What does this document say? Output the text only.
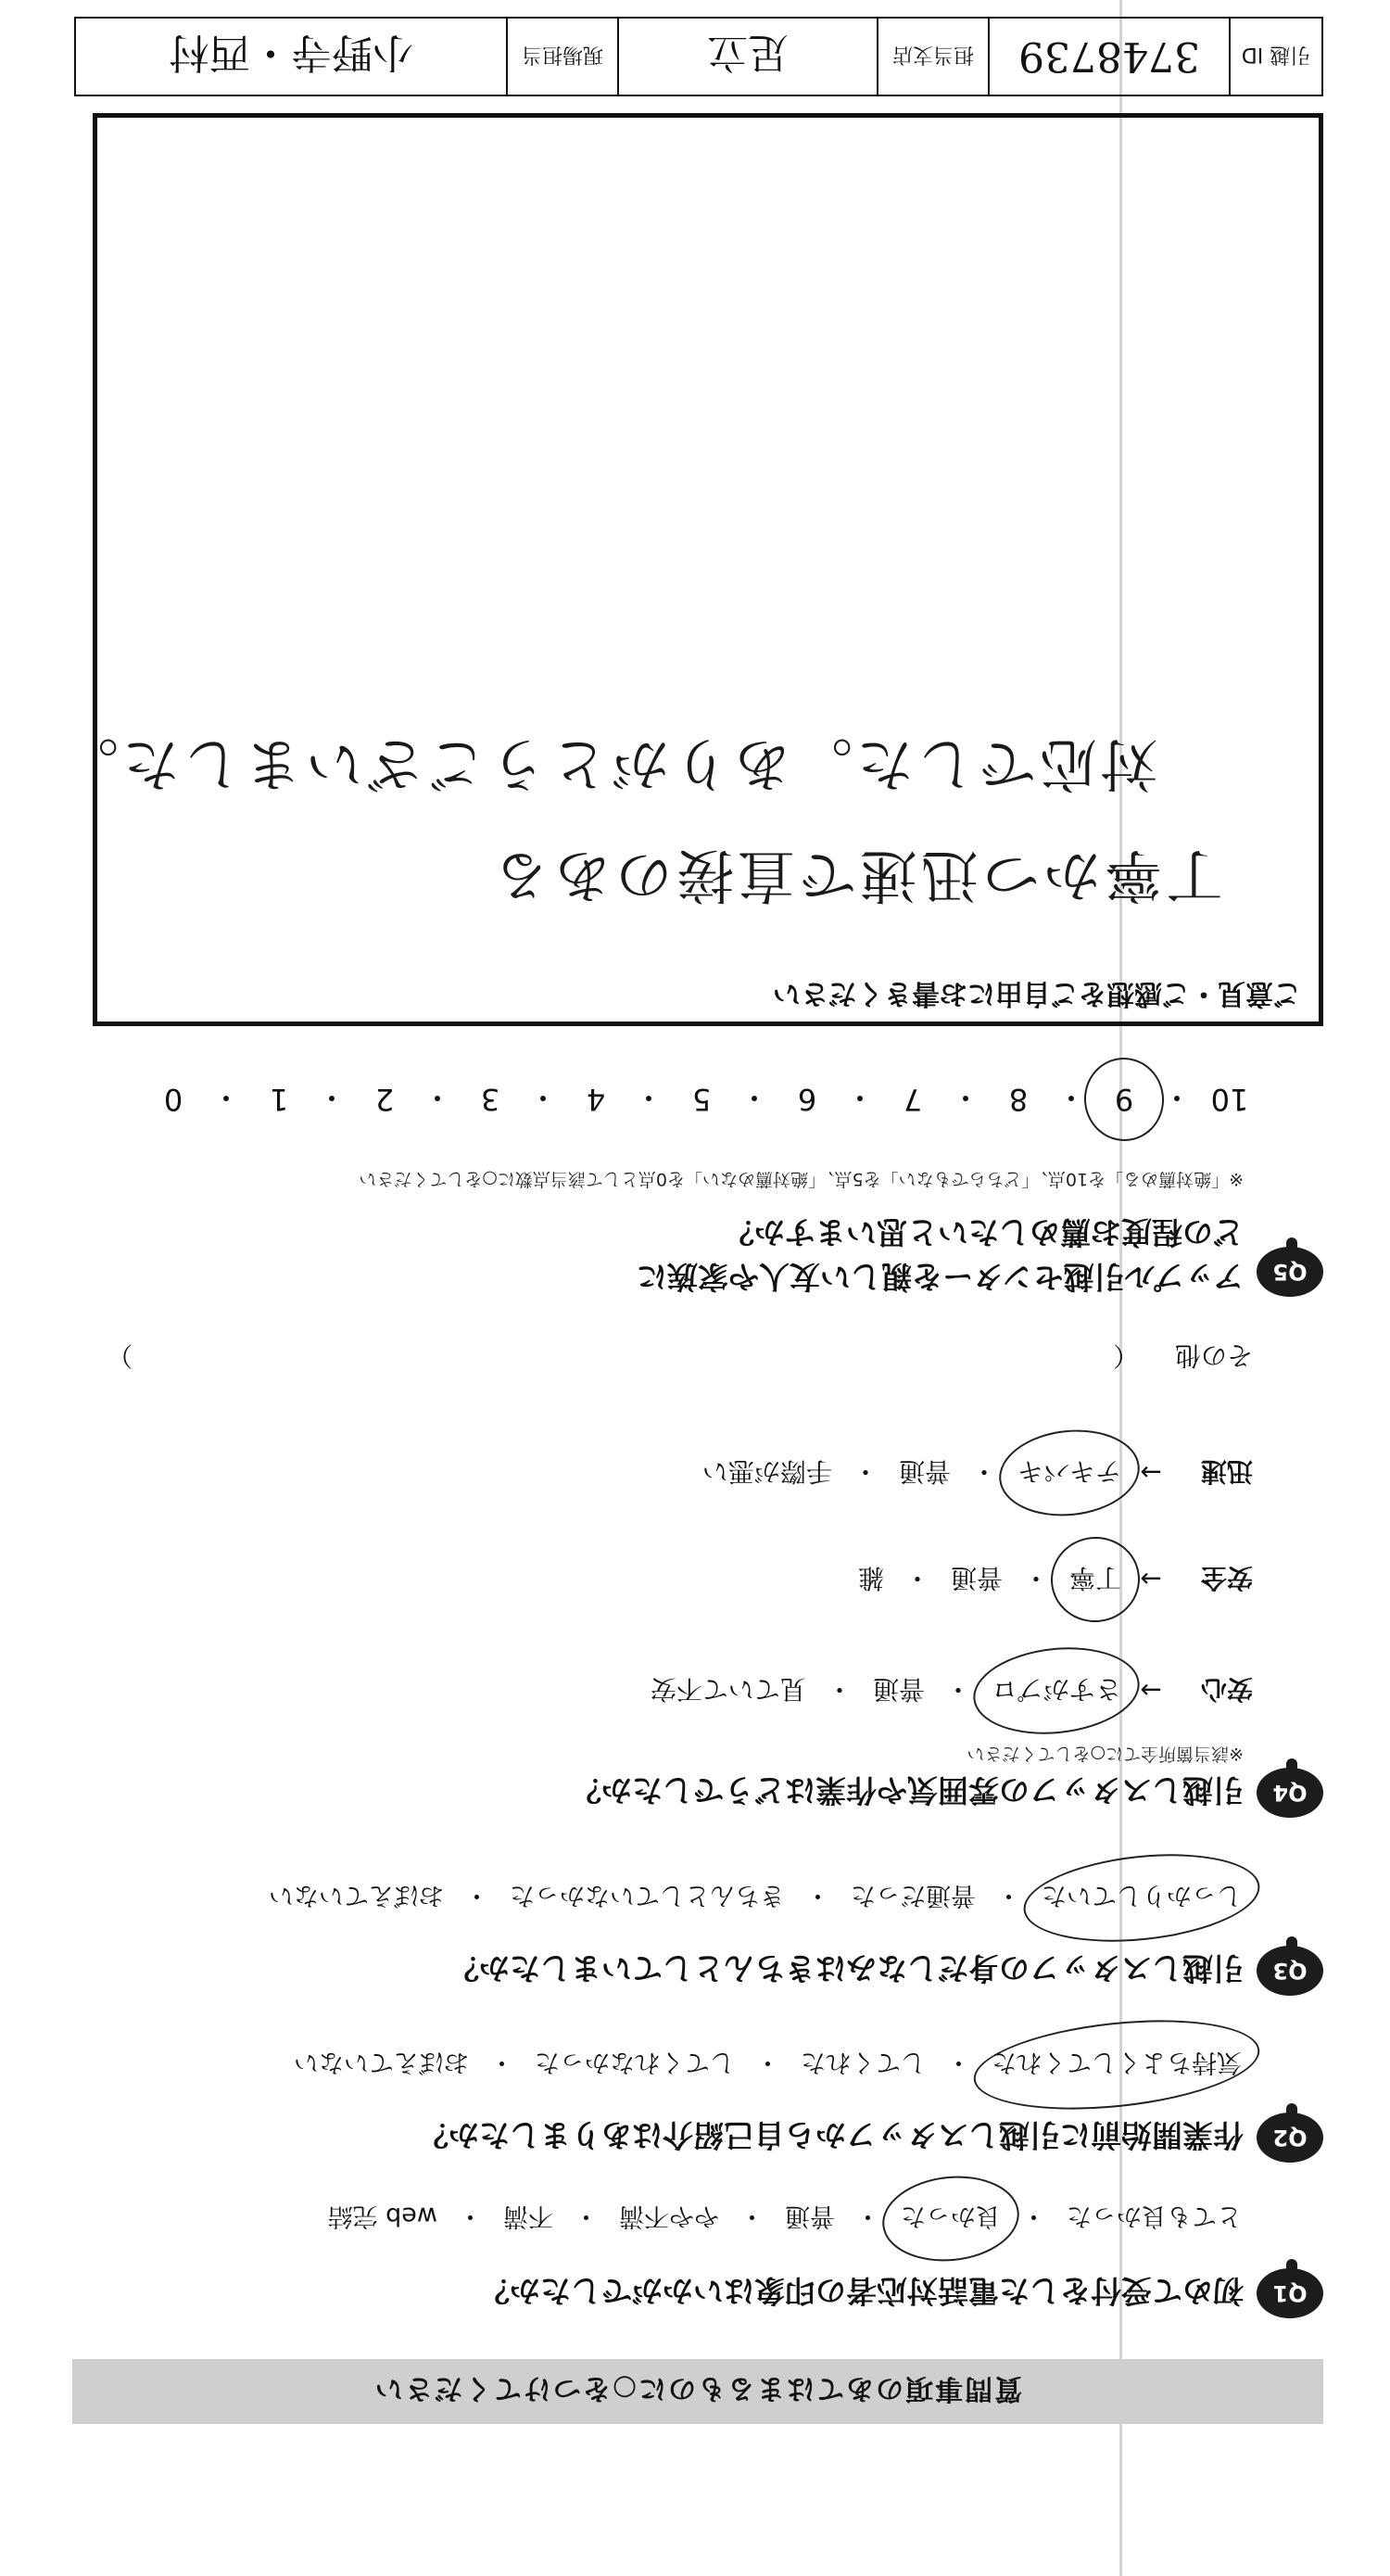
質問事項のあてはまるものに○をつけてください
Q1
初めて受付をした電話対応者の印象はいかがでしたか？
とても良かった
・
良かった
・
普通
・
やや不満
・
不満
・
web 完結
Q2
作業開始前に引越しスタッフから自己紹介はありましたか？
気持ちよくしてくれた
・
してくれた
・
してくれなかった
・
おぼえていない
Q3
引越しスタッフの身だしなみはきちんとしていましたか？
しっかりしていた
・
普通だった
・
きちんとしていなかった
・
おぼえていない
Q4
引越しスタッフの雰囲気や作業はどうでしたか？
※該当箇所全てに○をしてください
安心
→
さすがプロ
・
普通
・
見ていて不安
安全
→
丁寧
・
普通
・
雑
迅速
→
テキパキ
・
普通
・
手際が悪い
その他 （  ）
Q5
アップル引越センターを親しい友人や家族に
どの程度お薦めしたいと思いますか？
※「絶対薦める」を10点、「どちらでもない」を5点、「絶対薦めない」を0点として該当点数に○をしてください
10
・
9
・
8
・
7
・
6
・
5
・
4
・
3
・
2
・
1
・
0
ご意見・ご感想をご自由にお書きください
丁寧かつ迅速で直接のある
対応でした。ありがとうございました。
引越 ID
3748739
担当支店
足立
現場担当
小野寺・西村
